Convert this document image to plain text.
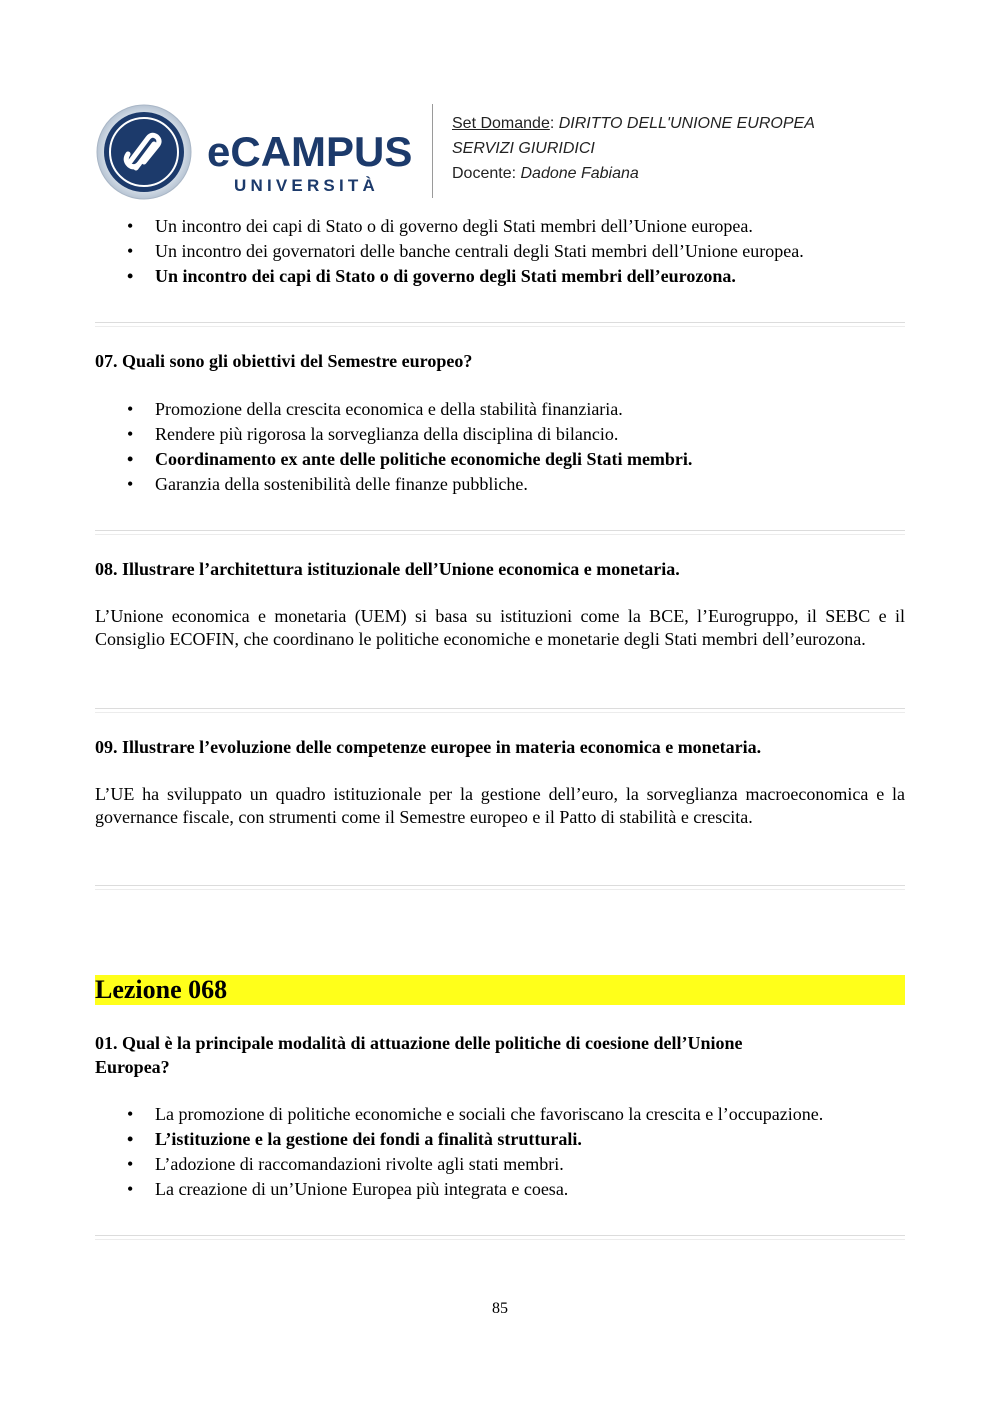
eCAMPUS
UNIVERSITÀ
Set Domande: DIRITTO DELL'UNIONE EUROPEA
SERVIZI GIURIDICI
Docente: Dadone Fabiana
• Un incontro dei capi di Stato o di governo degli Stati membri dell’Unione europea.
• Un incontro dei governatori delle banche centrali degli Stati membri dell’Unione europea.
• Un incontro dei capi di Stato o di governo degli Stati membri dell’eurozona.
07. Quali sono gli obiettivi del Semestre europeo?
• Promozione della crescita economica e della stabilità finanziaria.
• Rendere più rigorosa la sorveglianza della disciplina di bilancio.
• Coordinamento ex ante delle politiche economiche degli Stati membri.
• Garanzia della sostenibilità delle finanze pubbliche.
08. Illustrare l’architettura istituzionale dell’Unione economica e monetaria.
L’Unione economica e monetaria (UEM) si basa su istituzioni come la BCE, l’Eurogruppo, il SEBC e il Consiglio ECOFIN, che coordinano le politiche economiche e monetarie degli Stati membri dell’eurozona.
09. Illustrare l’evoluzione delle competenze europee in materia economica e monetaria.
L’UE ha sviluppato un quadro istituzionale per la gestione dell’euro, la sorveglianza macroeconomica e la governance fiscale, con strumenti come il Semestre europeo e il Patto di stabilità e crescita.
Lezione 068
01. Qual è la principale modalità di attuazione delle politiche di coesione dell’Unione
Europea?
• La promozione di politiche economiche e sociali che favoriscano la crescita e l’occupazione.
• L’istituzione e la gestione dei fondi a finalità strutturali.
• L’adozione di raccomandazioni rivolte agli stati membri.
• La creazione di un’Unione Europea più integrata e coesa.
85
